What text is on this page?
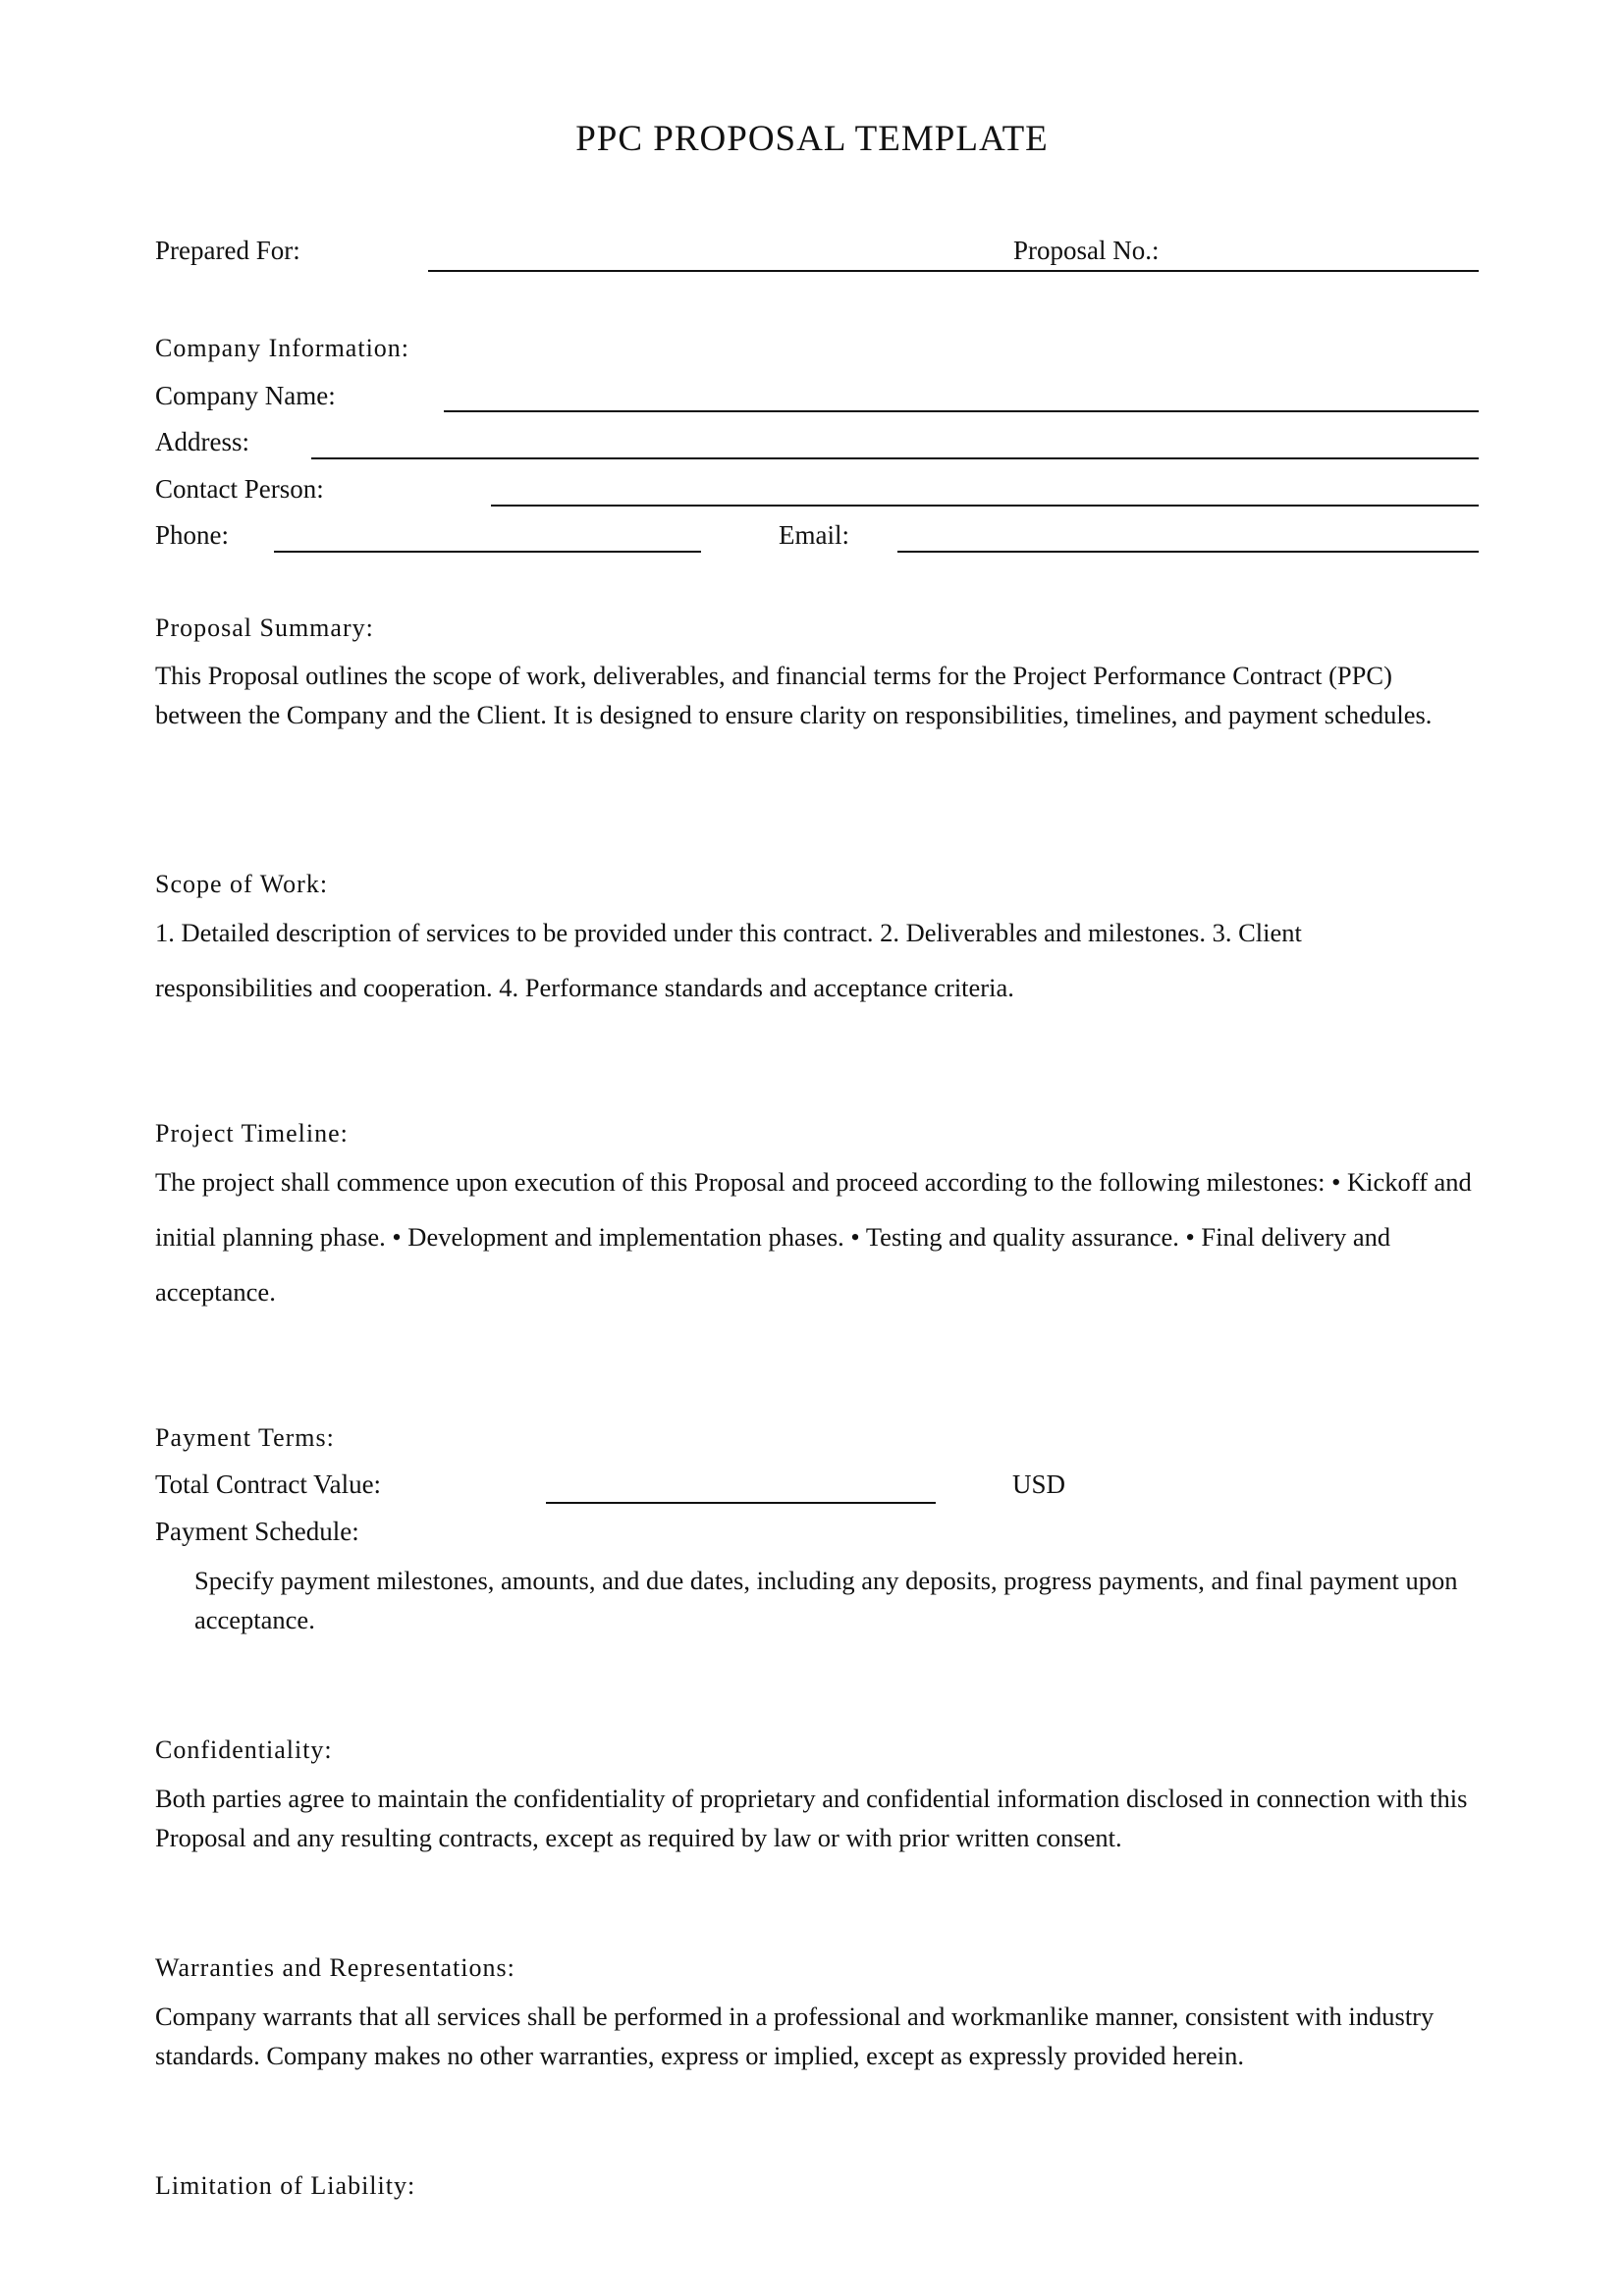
PPC PROPOSAL TEMPLATE
Prepared For:	Proposal No.:
Company Information:
Company Name:
Address:
Contact Person:
Phone:	Email:
Proposal Summary:
This Proposal outlines the scope of work, deliverables, and financial terms for the Project Performance Contract (PPC) between the Company and the Client. It is designed to ensure clarity on responsibilities, timelines, and payment schedules.
Scope of Work:
1. Detailed description of services to be provided under this contract. 2. Deliverables and milestones. 3. Client responsibilities and cooperation. 4. Performance standards and acceptance criteria.
Project Timeline:
The project shall commence upon execution of this Proposal and proceed according to the following milestones: • Kickoff and initial planning phase. • Development and implementation phases. • Testing and quality assurance. • Final delivery and acceptance.
Payment Terms:
Total Contract Value:	USD
Payment Schedule:
Specify payment milestones, amounts, and due dates, including any deposits, progress payments, and final payment upon acceptance.
Confidentiality:
Both parties agree to maintain the confidentiality of proprietary and confidential information disclosed in connection with this Proposal and any resulting contracts, except as required by law or with prior written consent.
Warranties and Representations:
Company warrants that all services shall be performed in a professional and workmanlike manner, consistent with industry standards. Company makes no other warranties, express or implied, except as expressly provided herein.
Limitation of Liability:
